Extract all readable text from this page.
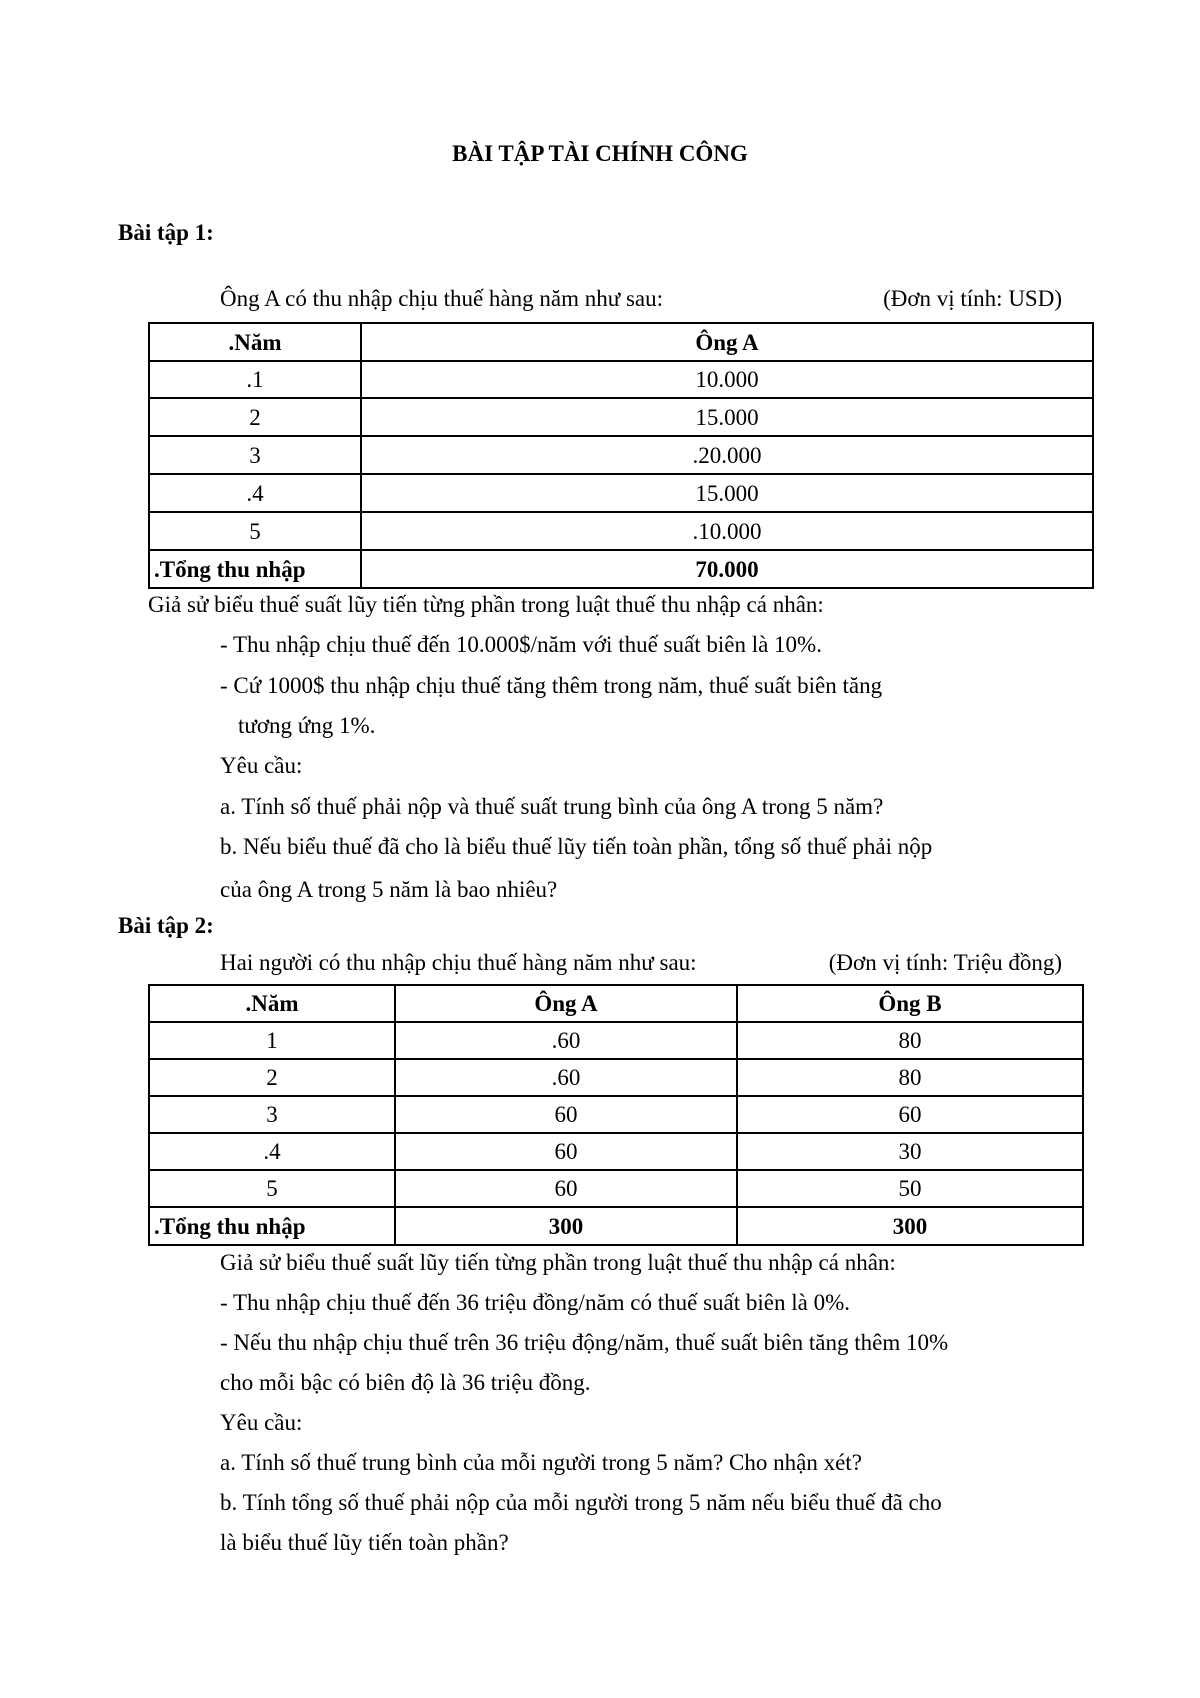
BÀI TẬP TÀI CHÍNH CÔNG
Bài tập 1:
Ông A có thu nhập chịu thuế hàng năm như sau:	(Đơn vị tính: USD)
.Năm	Ông A
.1	10.000
2	15.000
3	.20.000
.4	15.000
5	.10.000
.Tổng thu nhập	70.000
Giả sử biểu thuế suất lũy tiến từng phần trong luật thuế thu nhập cá nhân:
- Thu nhập chịu thuế đến 10.000$/năm với thuế suất biên là 10%.
- Cứ 1000$ thu nhập chịu thuế tăng thêm trong năm, thuế suất biên tăng
tương ứng 1%.
Yêu cầu:
a. Tính số thuế phải nộp và thuế suất trung bình của ông A trong 5 năm?
b. Nếu biểu thuế đã cho là biểu thuế lũy tiến toàn phần, tổng số thuế phải nộp
của ông A trong 5 năm là bao nhiêu?
Bài tập 2:
Hai người có thu nhập chịu thuế hàng năm như sau:	(Đơn vị tính: Triệu đồng)
.Năm	Ông A	Ông B
1	.60	80
2	.60	80
3	60	60
.4	60	30
5	60	50
.Tổng thu nhập	300	300
Giả sử biểu thuế suất lũy tiến từng phần trong luật thuế thu nhập cá nhân:
- Thu nhập chịu thuế đến 36 triệu đồng/năm có thuế suất biên là 0%.
- Nếu thu nhập chịu thuế trên 36 triệu động/năm, thuế suất biên tăng thêm 10%
cho mỗi bậc có biên độ là 36 triệu đồng.
Yêu cầu:
a. Tính số thuế trung bình của mỗi người trong 5 năm? Cho nhận xét?
b. Tính tổng số thuế phải nộp của mỗi người trong 5 năm nếu biểu thuế đã cho
là biểu thuế lũy tiến toàn phần?
